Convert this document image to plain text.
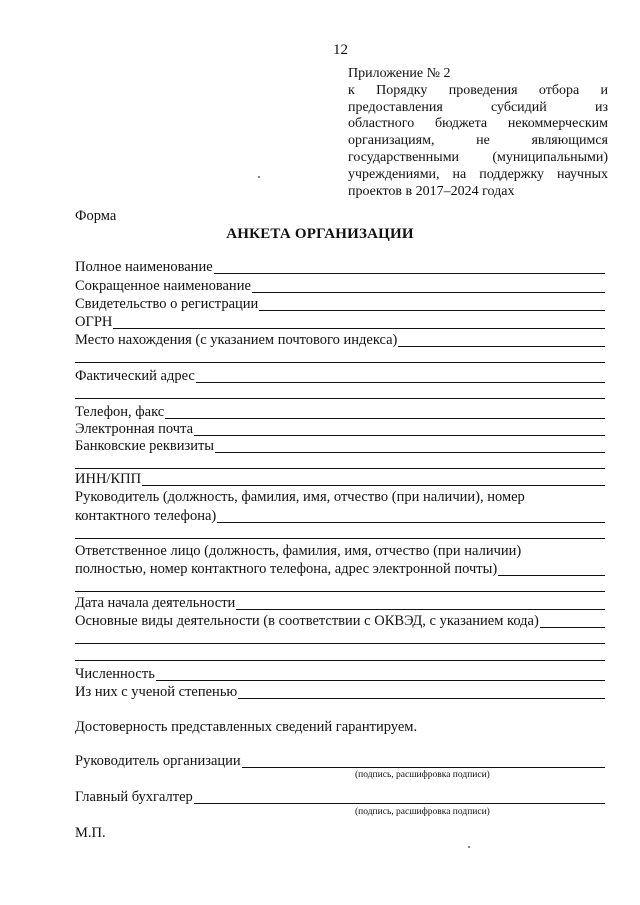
12
Приложение № 2
к Порядку проведения отбора и
предоставления субсидий из
областного бюджета некоммерческим
организациям, не являющимся
государственными (муниципальными)
учреждениями, на поддержку научных
проектов в 2017–2024 годах
Форма
АНКЕТА ОРГАНИЗАЦИИ
Полное наименование
Сокращенное наименование
Свидетельство о регистрации
ОГРН
Место нахождения (с указанием почтового индекса)
Фактический адрес
Телефон, факс
Электронная почта
Банковские реквизиты
ИНН/КПП
Руководитель (должность, фамилия, имя, отчество (при наличии), номер
контактного телефона)
Ответственное лицо (должность, фамилия, имя, отчество (при наличии)
полностью, номер контактного телефона, адрес электронной почты)
Дата начала деятельности
Основные виды деятельности (в соответствии с ОКВЭД, с указанием кода)
Численность
Из них с ученой степенью
Достоверность представленных сведений гарантируем.
Руководитель организации
(подпись, расшифровка подписи)
Главный бухгалтер
(подпись, расшифровка подписи)
М.П.
